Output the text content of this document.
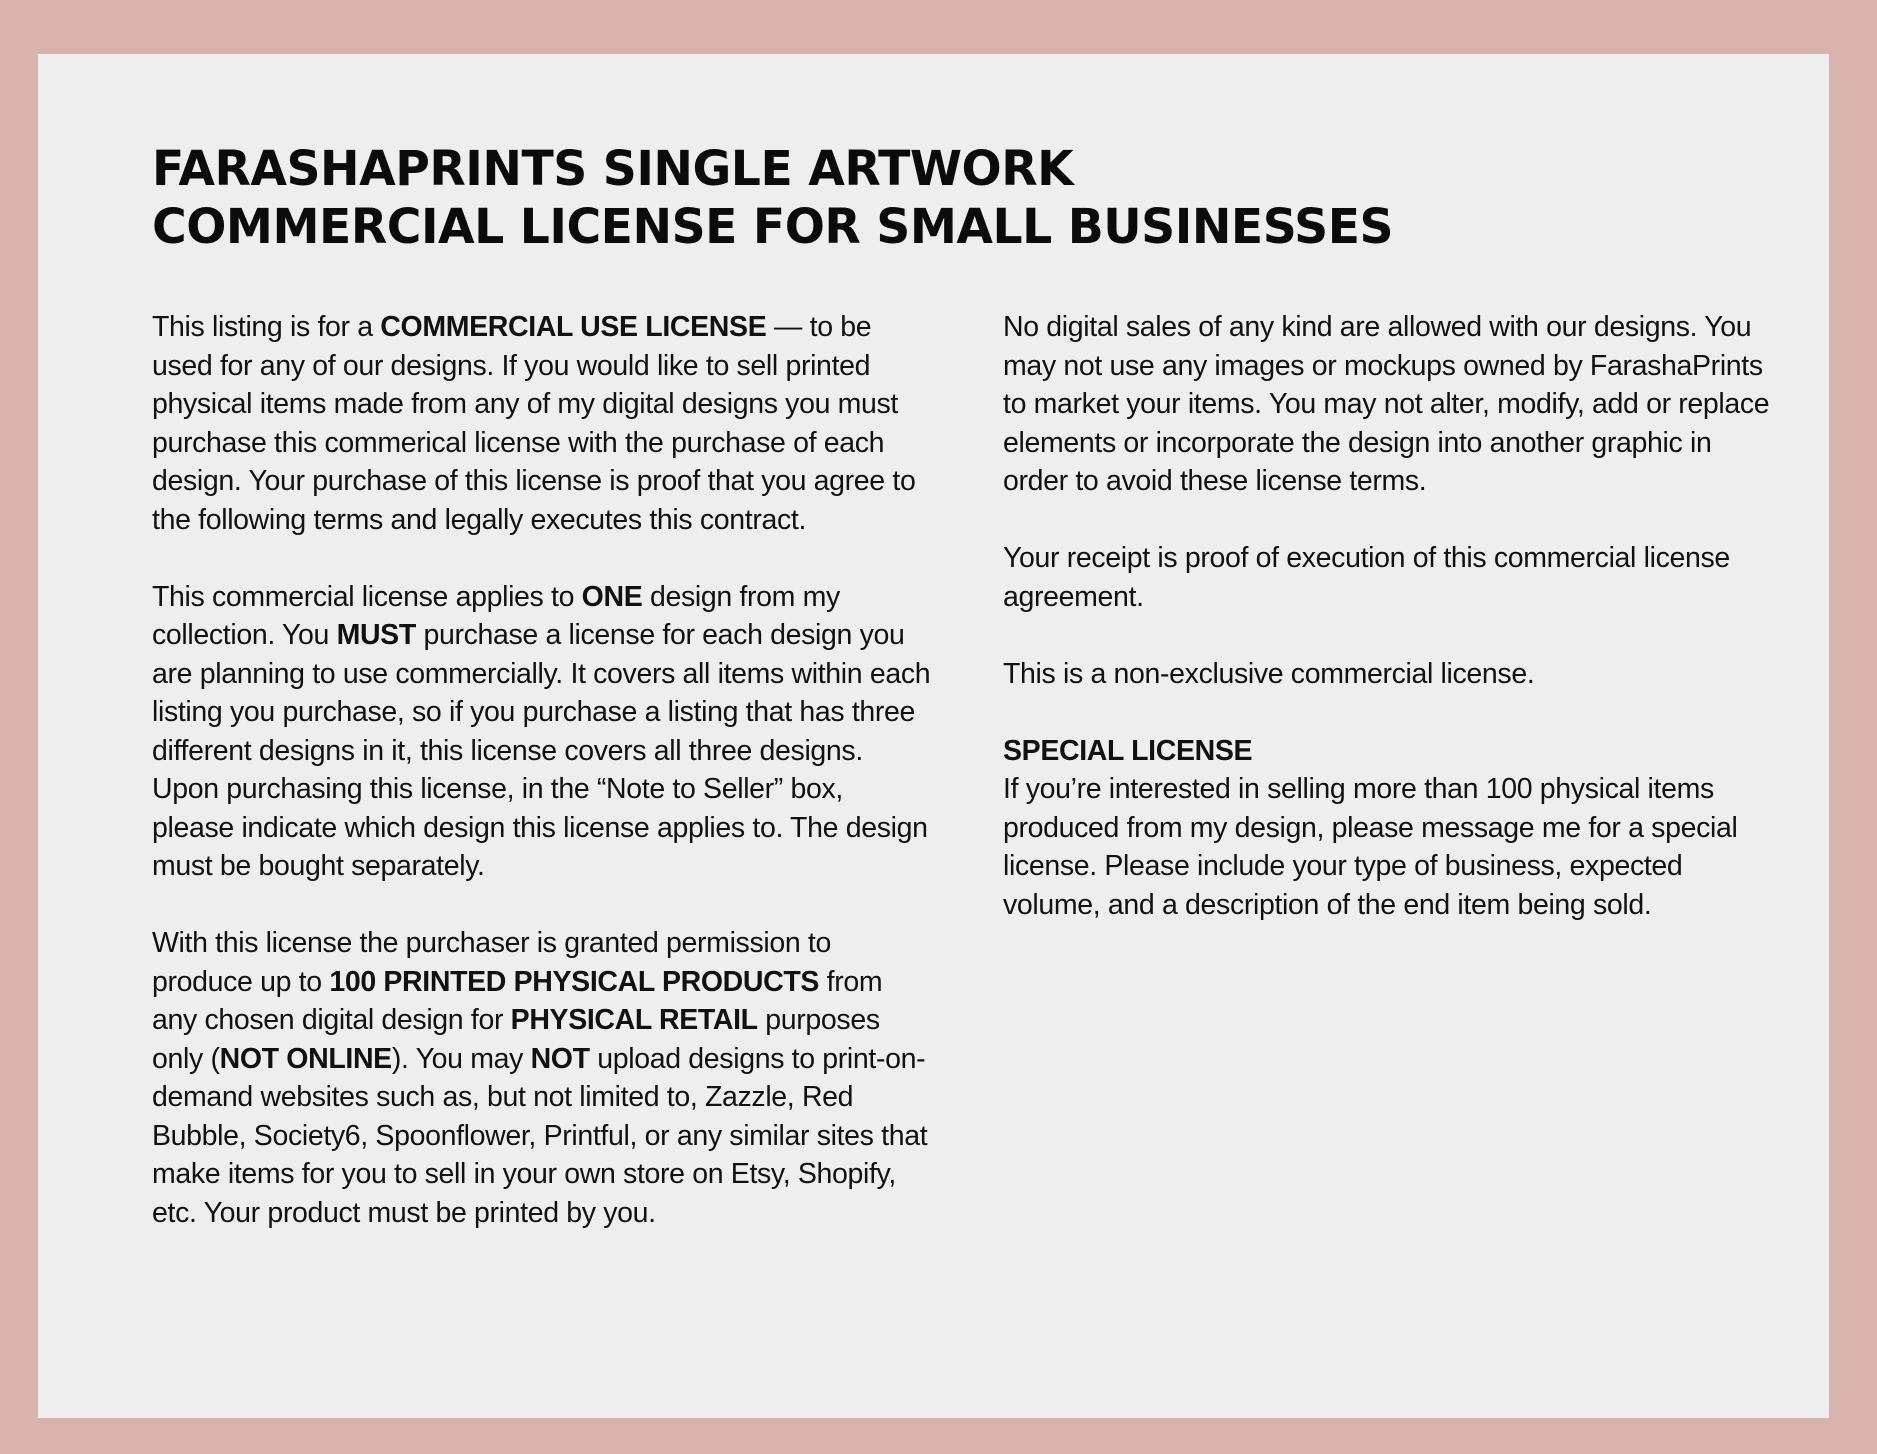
FARASHAPRINTS SINGLE ARTWORK
COMMERCIAL LICENSE FOR SMALL BUSINESSES

This listing is for a COMMERCIAL USE LICENSE — to be used for any of our designs. If you would like to sell printed physical items made from any of my digital designs you must purchase this commerical license with the purchase of each design. Your purchase of this license is proof that you agree to the following terms and legally executes this contract.

This commercial license applies to ONE design from my collection. You MUST purchase a license for each design you are planning to use commercially. It covers all items within each listing you purchase, so if you purchase a listing that has three different designs in it, this license covers all three designs. Upon purchasing this license, in the “Note to Seller” box, please indicate which design this license applies to. The design must be bought separately.

With this license the purchaser is granted permission to produce up to 100 PRINTED PHYSICAL PRODUCTS from any chosen digital design for PHYSICAL RETAIL purposes only (NOT ONLINE). You may NOT upload designs to print-on-demand websites such as, but not limited to, Zazzle, Red Bubble, Society6, Spoonflower, Printful, or any similar sites that make items for you to sell in your own store on Etsy, Shopify, etc. Your product must be printed by you.

No digital sales of any kind are allowed with our designs. You may not use any images or mockups owned by FarashaPrints to market your items. You may not alter, modify, add or replace elements or incorporate the design into another graphic in order to avoid these license terms.

Your receipt is proof of execution of this commercial license agreement.

This is a non-exclusive commercial license.

SPECIAL LICENSE
If you’re interested in selling more than 100 physical items produced from my design, please message me for a special license. Please include your type of business, expected volume, and a description of the end item being sold.
